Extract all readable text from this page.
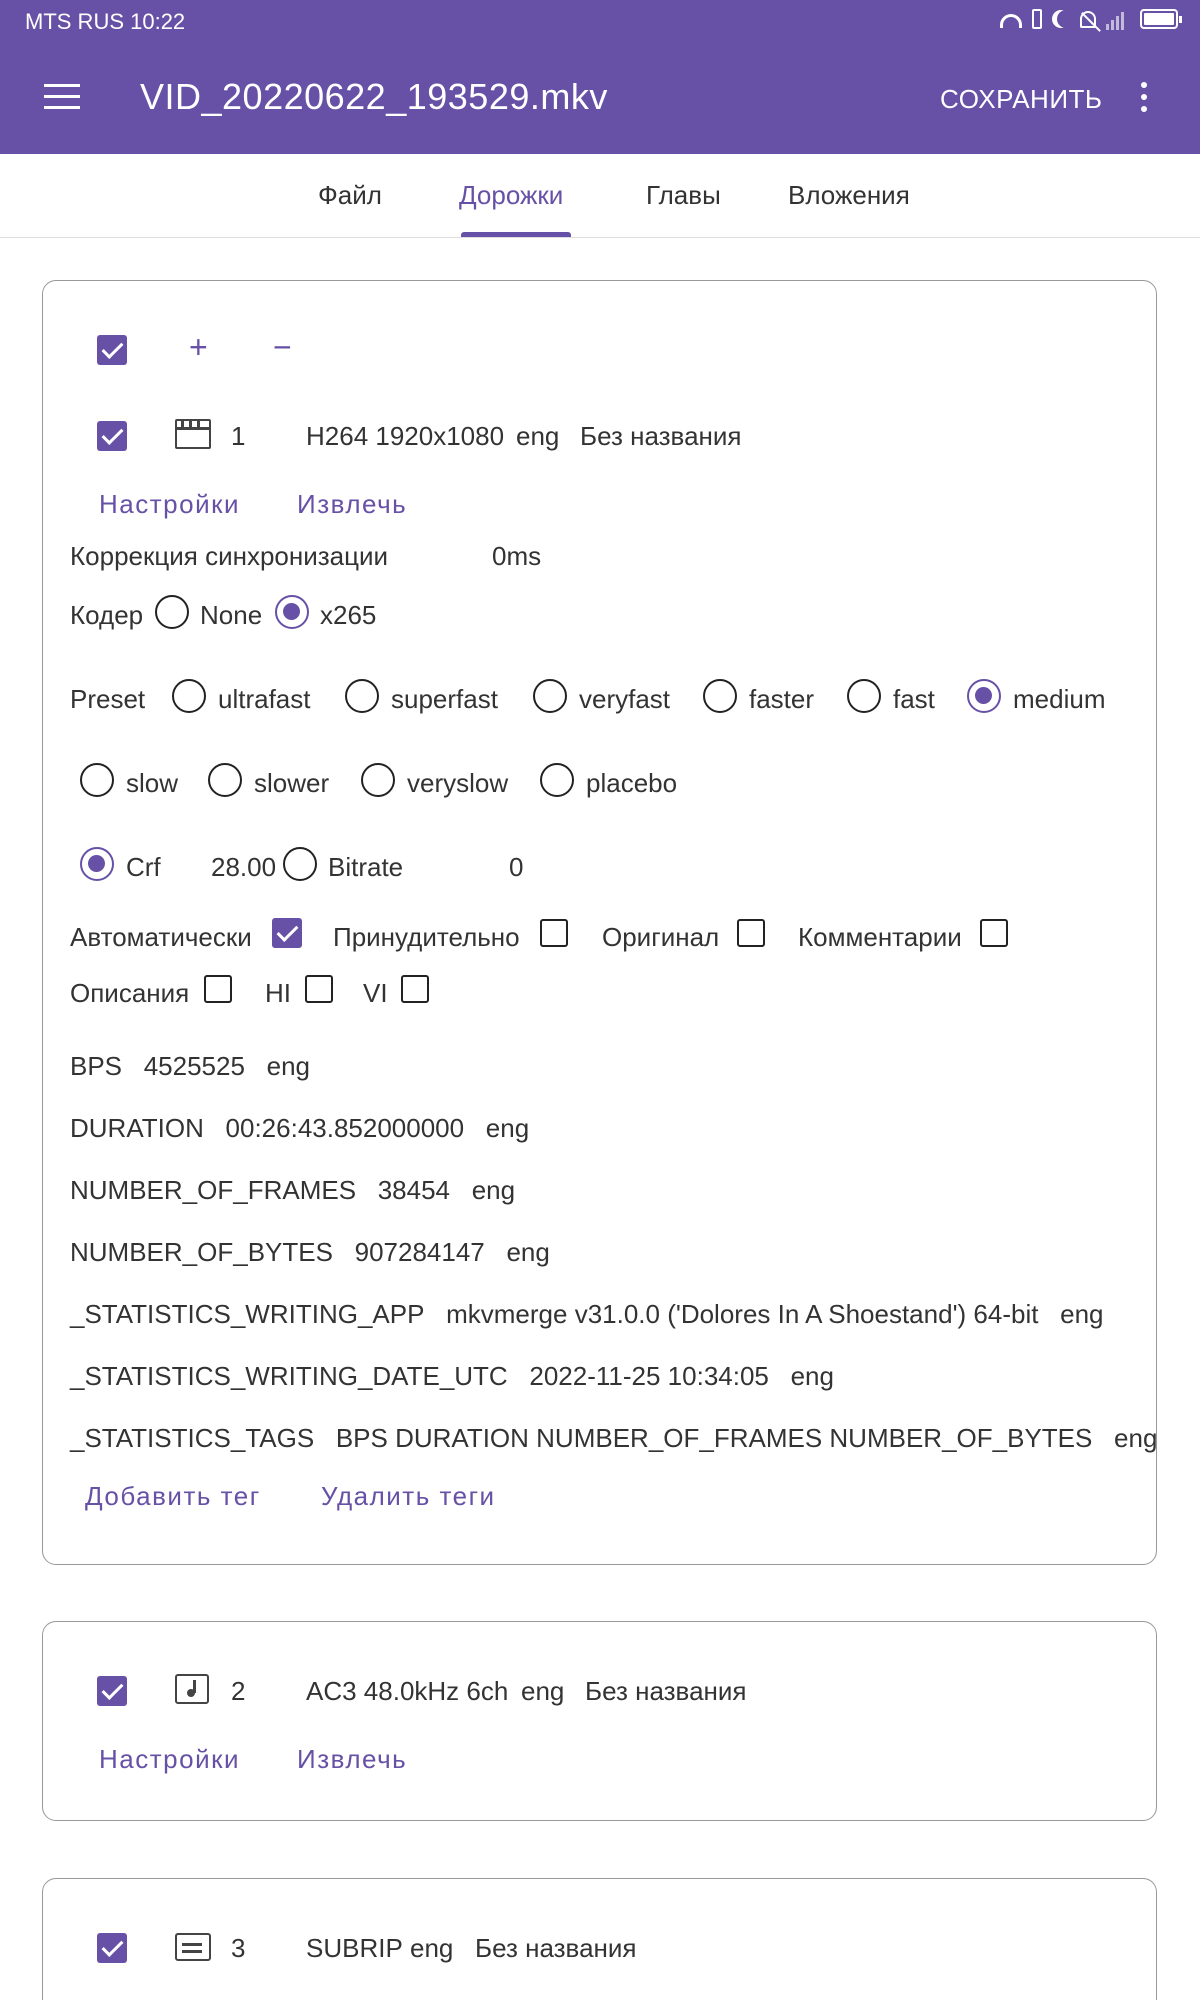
MTS RUS 10:22
VID_20220622_193529.mkv	СОХРАНИТЬ
Файл	Дорожки	Главы	Вложения
+ −
1 H264 1920x1080 eng Без названия
Настройки Извлечь
Коррекция синхронизации	0ms
Кодер None x265
Preset	ultrafast	superfast	veryfast	faster	fast	medium
slow	slower	veryslow	placebo
Crf 28.00 Bitrate	0
Автоматически	Принудительно	Оригинал	Комментарии
Описания	HI	VI
BPS 4525525 eng
DURATION 00:26:43.852000000 eng
NUMBER_OF_FRAMES 38454 eng
NUMBER_OF_BYTES 907284147 eng
_STATISTICS_WRITING_APP mkvmerge v31.0.0 ('Dolores In A Shoestand') 64-bit eng
_STATISTICS_WRITING_DATE_UTC 2022-11-25 10:34:05 eng
_STATISTICS_TAGS BPS DURATION NUMBER_OF_FRAMES NUMBER_OF_BYTES eng
Добавить тег Удалить теги
2 AC3 48.0kHz 6ch eng Без названия
Настройки Извлечь
3 SUBRIP eng Без названия
